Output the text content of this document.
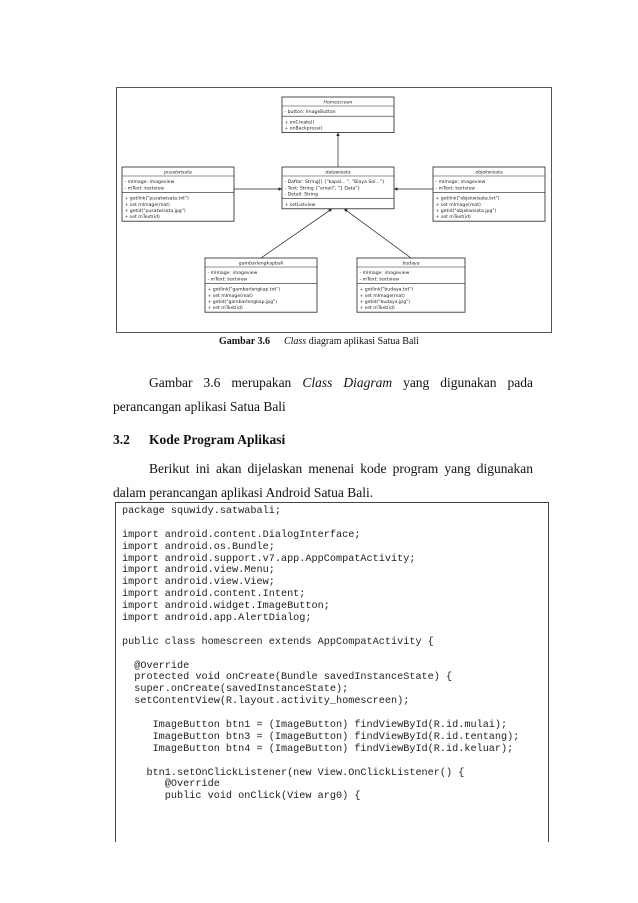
Homescreen
- button: ImageButton
+ onCreate()
+ onBackpress()
datawisata
- Daftar: String[] {"kapal... ", "Biaya Sol..."}
- Text: String {"email", "1 Data"}
- Detail: String
+ setListview
pusatwisata
- mImage: imageview
- mText: textview
+ getlink("pusatwisata.txt")
+ set mImage(mat)
+ getid("pusatwisata.jpg")
+ set mText(id)
objekwisata
- mImage: imageview
- mText: textview
+ getlink("objekwisata.txt")
+ set mImage(mat)
+ getid("objekwisata.jpg")
+ set mText(id)
gambarlengkapbali
- mImage: imageview
- mText: textview
+ getlink("gambarlengkap.txt")
+ set mImage(mat)
+ getid("gambarlengkap.jpg")
+ set mText(id)
budaya
- mImage: imageview
- mText: textview
+ getlink("budaya.txt")
+ set mImage(mat)
+ getid("budaya.jpg")
+ set mText(id)
Gambar 3.6 Class diagram aplikasi Satua Bali
Gambar 3.6 merupakan Class Diagram yang digunakan pada perancangan aplikasi Satua Bali
3.2 Kode Program Aplikasi
Berikut ini akan dijelaskan menenai kode program yang digunakan dalam perancangan aplikasi Android Satua Bali.
package squwidy.satwabali;
import android.content.DialogInterface;
import android.os.Bundle;
import android.support.v7.app.AppCompatActivity;
import android.view.Menu;
import android.view.View;
import android.content.Intent;
import android.widget.ImageButton;
import android.app.AlertDialog;
public class homescreen extends AppCompatActivity {
@Override
protected void onCreate(Bundle savedInstanceState) {
super.onCreate(savedInstanceState);
setContentView(R.layout.activity_homescreen);
ImageButton btn1 = (ImageButton) findViewById(R.id.mulai);
ImageButton btn3 = (ImageButton) findViewById(R.id.tentang);
ImageButton btn4 = (ImageButton) findViewById(R.id.keluar);
btn1.setOnClickListener(new View.OnClickListener() {
@Override
public void onClick(View arg0) {
